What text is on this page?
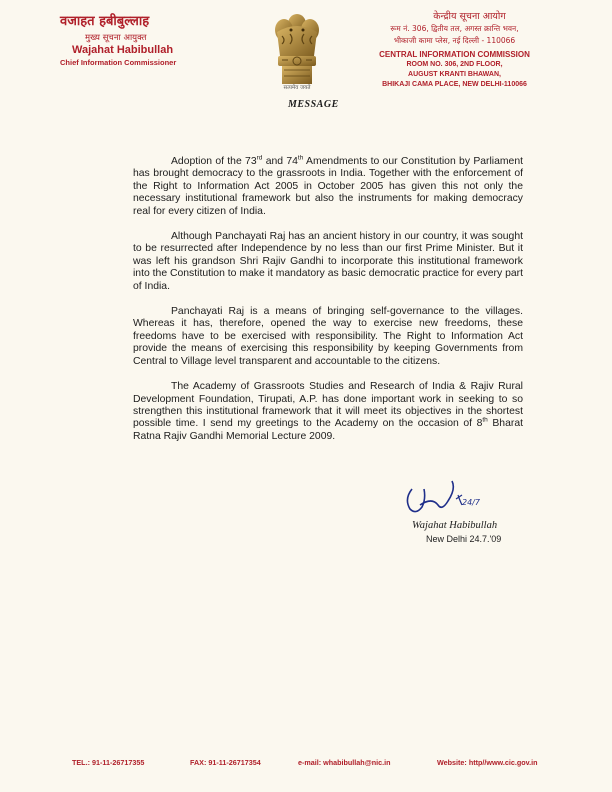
वजाहत हबीबुल्लाह
मुख्य सूचना आयुक्त
Wajahat Habibullah
Chief Information Commissioner
सत्यमेव जयते
केन्द्रीय सूचना आयोग
रूम नं. 306, द्वितीय तल, अगस्त क्रान्ति भवन,
भीकाजी कामा प्लेस, नई दिल्ली - 110066
CENTRAL INFORMATION COMMISSION
ROOM NO. 306, 2ND FLOOR,
AUGUST KRANTI BHAWAN,
BHIKAJI CAMA PLACE, NEW DELHI-110066
MESSAGE

Adoption of the 73rd and 74th Amendments to our Constitution by Parliament has brought democracy to the grassroots in India. Together with the enforcement of the Right to Information Act 2005 in October 2005 has given this not only the necessary institutional framework but also the instruments for making democracy real for every citizen of India.

Although Panchayati Raj has an ancient history in our country, it was sought to be resurrected after Independence by no less than our first Prime Minister. But it was left his grandson Shri Rajiv Gandhi to incorporate this institutional framework into the Constitution to make it mandatory as basic democratic practice for every part of India.

Panchayati Raj is a means of bringing self-governance to the villages. Whereas it has, therefore, opened the way to exercise new freedoms, these freedoms have to be exercised with responsibility. The Right to Information Act provide the means of exercising this responsibility by keeping Governments from Central to Village level transparent and accountable to the citizens.

The Academy of Grassroots Studies and Research of India & Rajiv Rural Development Foundation, Tirupati, A.P. has done important work in seeking to so strengthen this institutional framework that it will meet its objectives in the shortest possible time. I send my greetings to the Academy on the occasion of 8th Bharat Ratna Rajiv Gandhi Memorial Lecture 2009.

24/7
Wajahat Habibullah
New Delhi 24.7.'09
TEL.: 91-11-26717355	FAX: 91-11-26717354	e-mail: whabibullah@nic.in	Website: http//www.cic.gov.in
